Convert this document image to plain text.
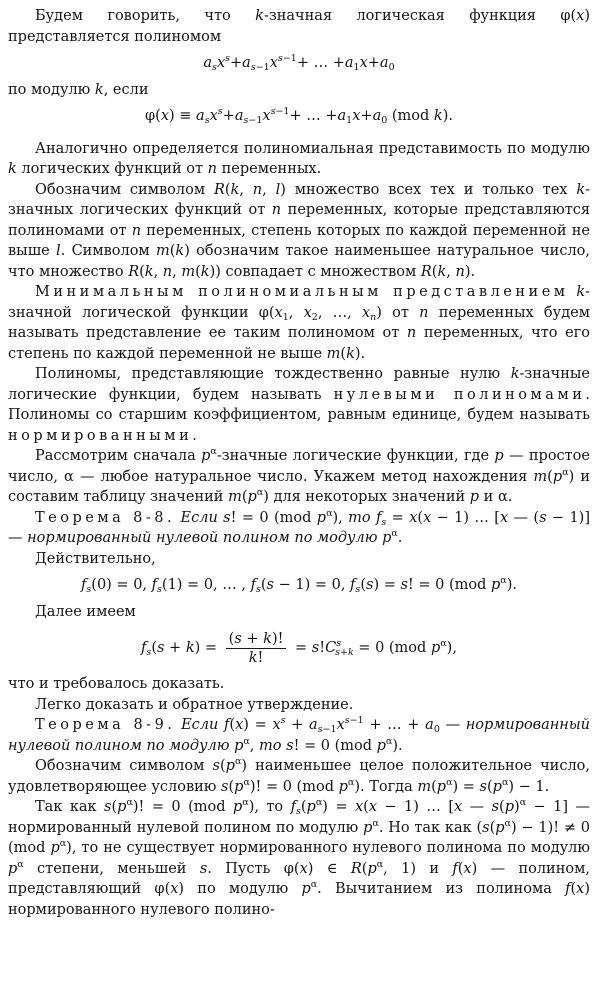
Будем говорить, что k-значная логическая функция φ(x) представляется полиномом

$a_sx^s+a_{s-1}x^{s-1}+$ … $+a_1x+a_0$

по модулю k, если

$\varphi(x) \equiv a_sx^s+a_{s-1}x^{s-1}+$ … $+a_1x+a_0$ (mod k).

Аналогично определяется полиномиальная представимость по модулю k логических функций от n переменных.

Обозначим символом R(k, n, l) множество всех тех и только тех k-значных логических функций от n переменных, которые представляются полиномами от n переменных, степень которых по каждой переменной не выше l. Символом m(k) обозначим такое наименьшее натуральное число, что множество R(k, n, m(k)) совпадает с множеством R(k, n).

Минимальным полиномиальным представлением k-значной логической функции $\varphi(x_1$, $x_2$, …, $x_n$) от n переменных будем называть представление ее таким полиномом от n переменных, что его степень по каждой переменной не выше m(k).

Полиномы, представляющие тождественно равные нулю k-значные логические функции, будем называть нулевыми полиномами. Полиномы со старшим коэффициентом, равным единице, будем называть нормированными.

Рассмотрим сначала $p^\alpha$-значные логические функции, где p — простое число, α — любое натуральное число. Укажем метод нахождения $m(p^\alpha)$ и составим таблицу значений $m(p^\alpha)$ для некоторых значений p и α.

Теорема 8-8. Если s! = 0 (mod $p^\alpha$), то $f_s = x(x - 1)$ … [x — (s − 1)] — нормированный нулевой полином по модулю $p^\alpha$.

Действительно,

$f_s(0) = 0$, $f_s(1) = 0$, … , $f_s(s - 1) = 0$, $f_s(s) = s$! = 0 (mod $p^\alpha$).

Далее имеем

$f_s(s + k) = \frac{(s + k)!}{k!} = s!C^s_{s+k} = 0$ (mod $p^\alpha$),

что и требовалось доказать.

Легко доказать и обратное утверждение.

Теорема 8-9. Если $f(x) = x^s + a_{s-1}x^{s-1}$ + … + $a_0$ — нормированный нулевой полином по модулю $p^\alpha$, то s! = 0 (mod $p^\alpha$).

Обозначим символом $s(p^\alpha)$ наименьшее целое положительное число, удовлетворяющее условию $s(p^\alpha)$! = 0 (mod $p^\alpha$). Тогда $m(p^\alpha) = s(p^\alpha) - 1$.

Так как $s(p^\alpha)$! = 0 (mod $p^\alpha$), то $f_s(p^\alpha) = x(x - 1)$ … [x — $s(p)^\alpha - 1$] — нормированный нулевой полином по модулю $p^\alpha$. Но так как $(s(p^\alpha) - 1)$! ≠ 0 (mod $p^\alpha$), то не существует нормированного нулевого полинома по модулю $p^\alpha$ степени, меньшей s. Пусть φ(x) ∈ $R(p^\alpha$, 1) и f(x) — полином, представляющий φ(x) по модулю $p^\alpha$. Вычитанием из полинома f(x) нормированного нулевого полино-
